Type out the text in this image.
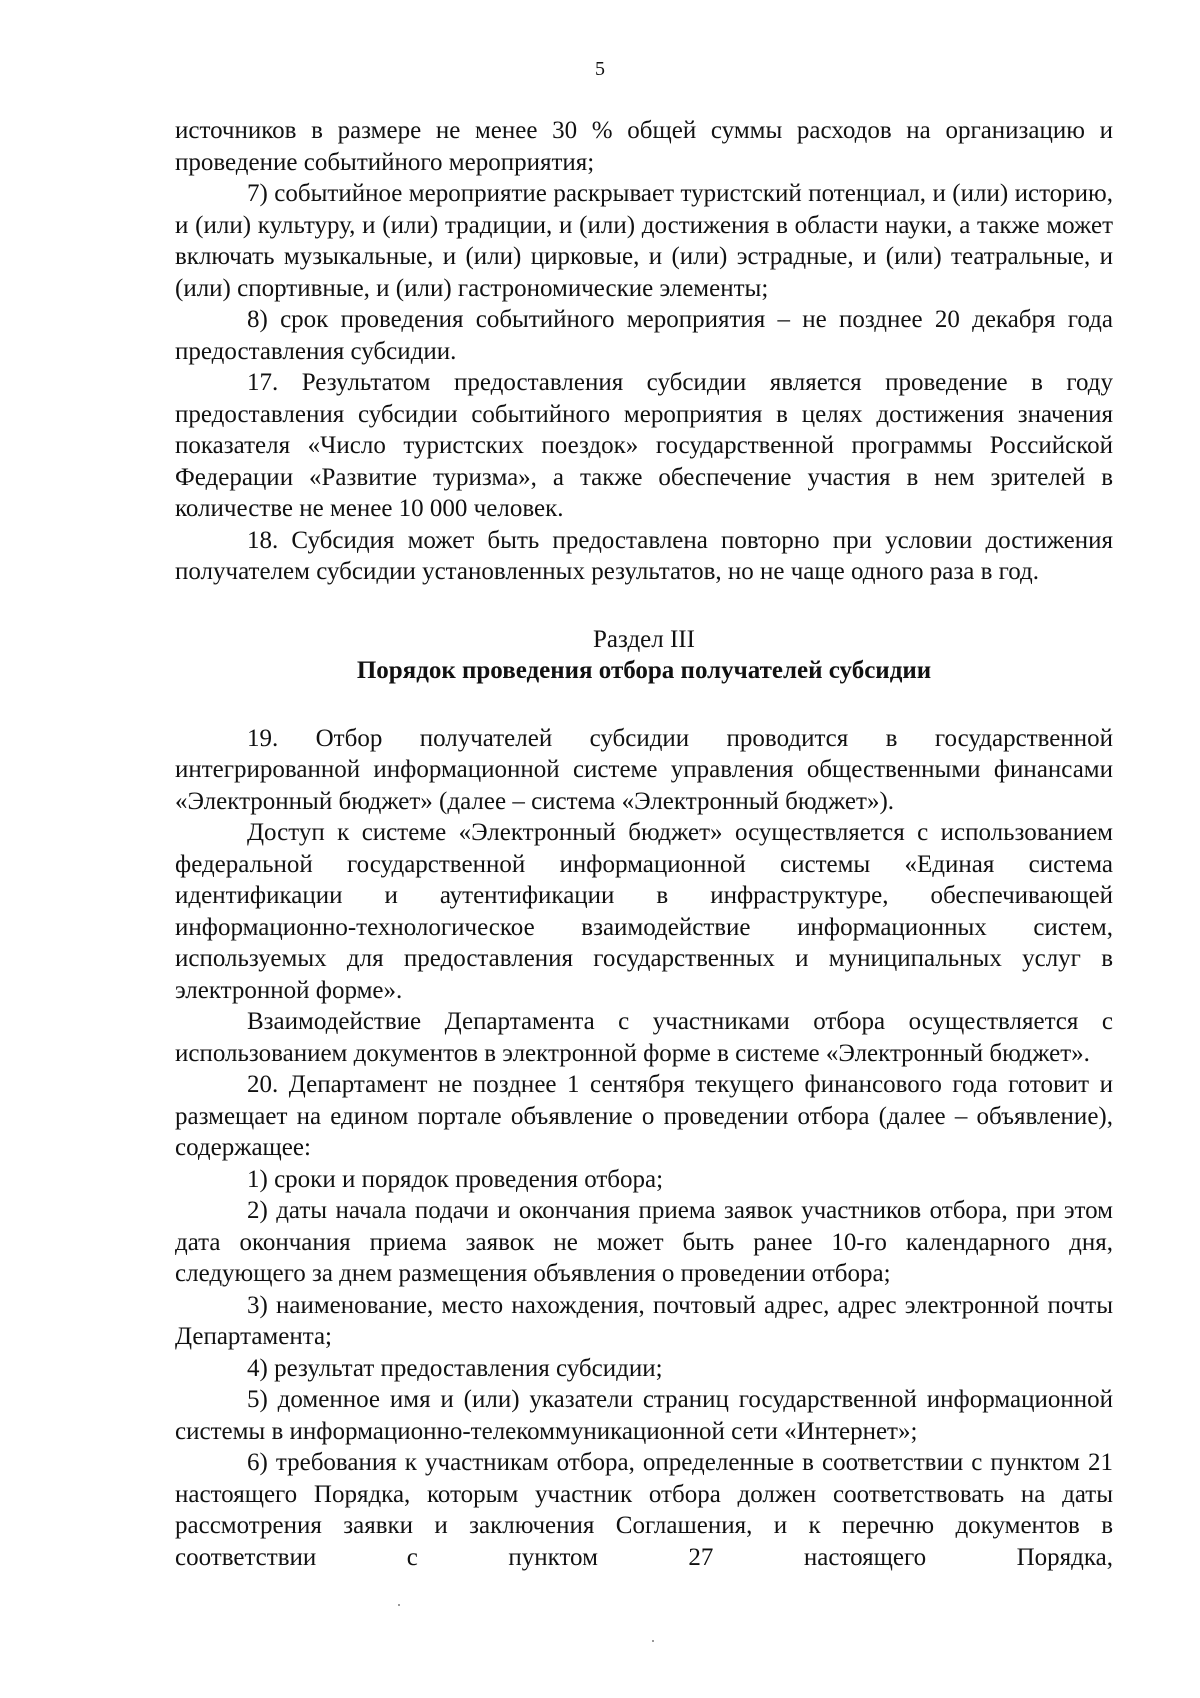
5

источников в размере не менее 30 % общей суммы расходов на организацию и проведение событийного мероприятия;

7) событийное мероприятие раскрывает туристский потенциал, и (или) историю, и (или) культуру, и (или) традиции, и (или) достижения в области науки, а также может включать музыкальные, и (или) цирковые, и (или) эстрадные, и (или) театральные, и (или) спортивные, и (или) гастрономические элементы;

8) срок проведения событийного мероприятия – не позднее 20 декабря года предоставления субсидии.

17. Результатом предоставления субсидии является проведение в году предоставления субсидии событийного мероприятия в целях достижения значения показателя «Число туристских поездок» государственной программы Российской Федерации «Развитие туризма», а также обеспечение участия в нем зрителей в количестве не менее 10 000 человек.

18. Субсидия может быть предоставлена повторно при условии достижения получателем субсидии установленных результатов, но не чаще одного раза в год.

Раздел III

Порядок проведения отбора получателей субсидии

19. Отбор получателей субсидии проводится в государственной интегрированной информационной системе управления общественными финансами «Электронный бюджет» (далее – система «Электронный бюджет»).

Доступ к системе «Электронный бюджет» осуществляется с использованием федеральной государственной информационной системы «Единая система идентификации и аутентификации в инфраструктуре, обеспечивающей информационно-технологическое взаимодействие информационных систем, используемых для предоставления государственных и муниципальных услуг в электронной форме».

Взаимодействие Департамента с участниками отбора осуществляется с использованием документов в электронной форме в системе «Электронный бюджет».

20. Департамент не позднее 1 сентября текущего финансового года готовит и размещает на едином портале объявление о проведении отбора (далее – объявление), содержащее:

1) сроки и порядок проведения отбора;

2) даты начала подачи и окончания приема заявок участников отбора, при этом дата окончания приема заявок не может быть ранее 10-го календарного дня, следующего за днем размещения объявления о проведении отбора;

3) наименование, место нахождения, почтовый адрес, адрес электронной почты Департамента;

4) результат предоставления субсидии;

5) доменное имя и (или) указатели страниц государственной информационной системы в информационно-телекоммуникационной сети «Интернет»;

6) требования к участникам отбора, определенные в соответствии с пунктом 21 настоящего Порядка, которым участник отбора должен соответствовать на даты рассмотрения заявки и заключения Соглашения, и к перечню документов в соответствии с пунктом 27 настоящего Порядка,
